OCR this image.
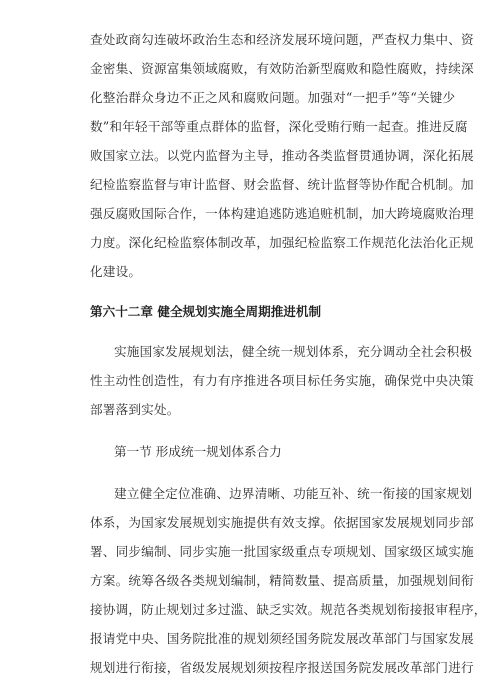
查处政商勾连破坏政治生态和经济发展环境问题，严查权力集中、资
金密集、资源富集领域腐败，有效防治新型腐败和隐性腐败，持续深
化整治群众身边不正之风和腐败问题。加强对“一把手”等“关键少
数”和年轻干部等重点群体的监督，深化受贿行贿一起查。推进反腐
败国家立法。以党内监督为主导，推动各类监督贯通协调，深化拓展
纪检监察监督与审计监督、财会监督、统计监督等协作配合机制。加
强反腐败国际合作，一体构建追逃防逃追赃机制，加大跨境腐败治理
力度。深化纪检监察体制改革，加强纪检监察工作规范化法治化正规
化建设。
第六十二章 健全规划实施全周期推进机制
实施国家发展规划法，健全统一规划体系，充分调动全社会积极
性主动性创造性，有力有序推进各项目标任务实施，确保党中央决策
部署落到实处。
第一节 形成统一规划体系合力
建立健全定位准确、边界清晰、功能互补、统一衔接的国家规划
体系，为国家发展规划实施提供有效支撑。依据国家发展规划同步部
署、同步编制、同步实施一批国家级重点专项规划、国家级区域实施
方案。统筹各级各类规划编制，精简数量、提高质量，加强规划间衔
接协调，防止规划过多过滥、缺乏实效。规范各类规划衔接报审程序，
报请党中央、国务院批准的规划须经国务院发展改革部门与国家发展
规划进行衔接，省级发展规划须按程序报送国务院发展改革部门进行
